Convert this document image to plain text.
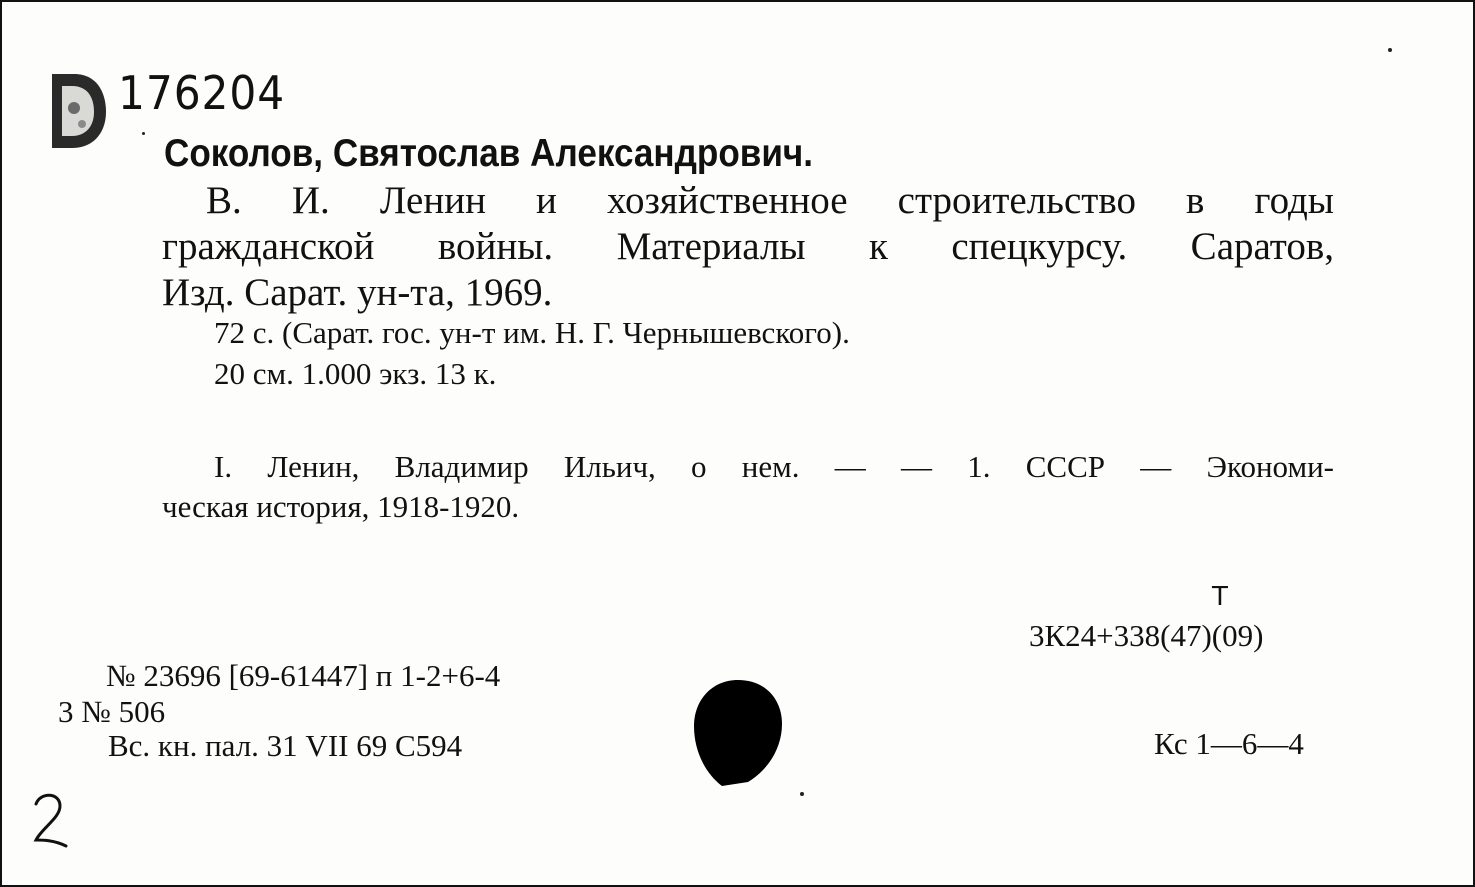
176204
Соколов, Святослав Александрович.
В. И. Ленин и хозяйственное строительство в годы
гражданской войны. Материалы к спецкурсу. Саратов,
Изд. Сарат. ун-та, 1969.
72 с. (Сарат. гос. ун-т им. Н. Г. Чернышевского).
20 см. 1.000 экз. 13 к.
I. Ленин, Владимир Ильич, о нем. — — 1. СССР — Экономи-
ческая история, 1918-1920.
Т
3К24+338(47)(09)
№ 23696 [69-61447] п 1-2+6-4
3 № 506
Вс. кн. пал. 31 VII 69 С594	Кс 1—6—4
